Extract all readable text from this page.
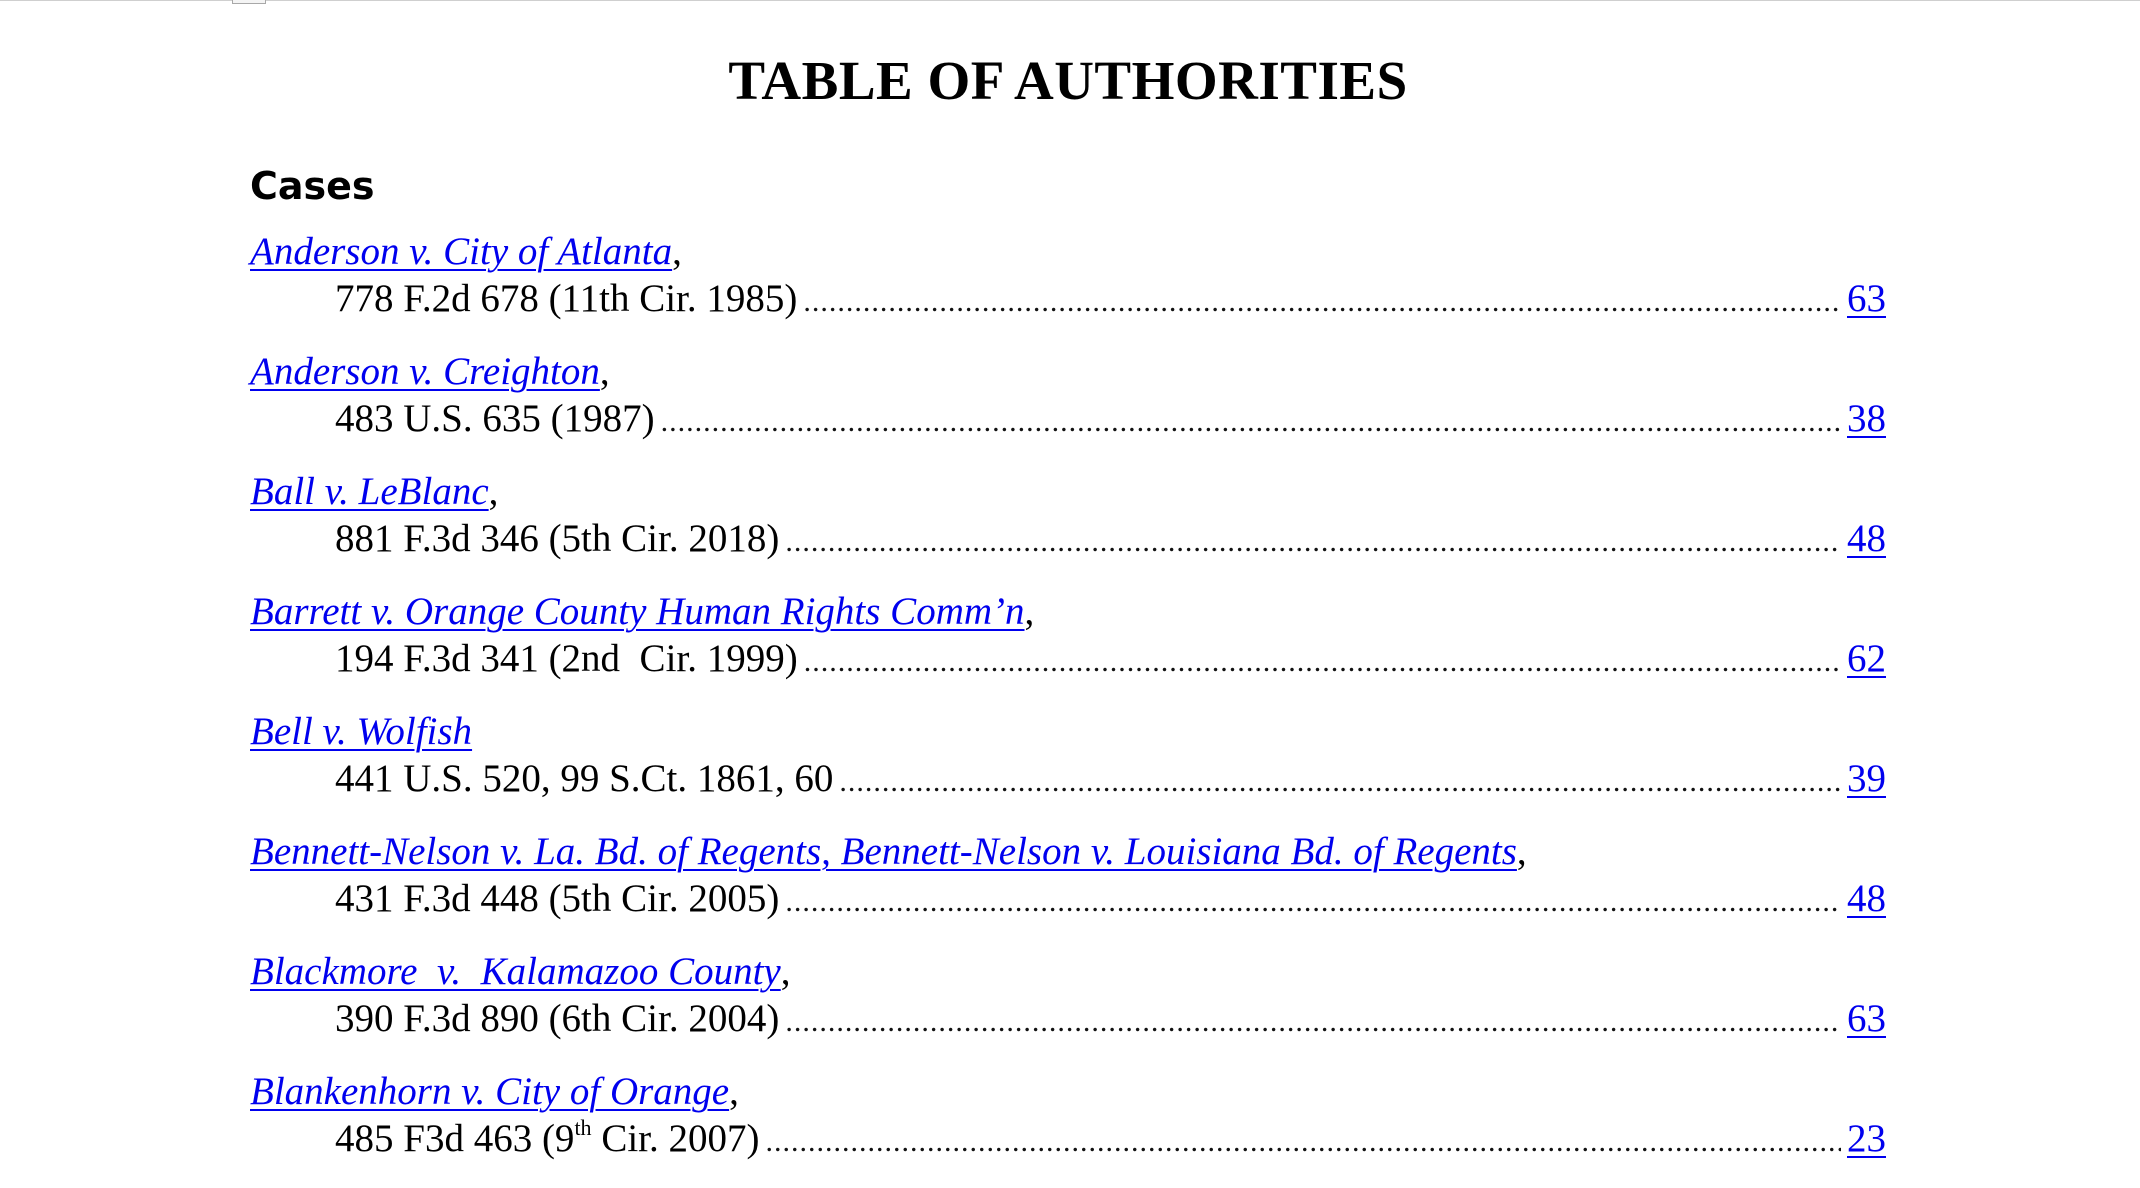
TABLE OF AUTHORITIES
Cases
Anderson v. City of Atlanta,
778 F.2d 678 (11th Cir. 1985) .....	63
Anderson v. Creighton,
483 U.S. 635 (1987) .....	38
Ball v. LeBlanc,
881 F.3d 346 (5th Cir. 2018) .....	48
Barrett v. Orange County Human Rights Comm’n,
194 F.3d 341 (2nd  Cir. 1999) .....	62
Bell v. Wolfish
441 U.S. 520, 99 S.Ct. 1861, 60 .....	39
Bennett-Nelson v. La. Bd. of Regents, Bennett-Nelson v. Louisiana Bd. of Regents,
431 F.3d 448 (5th Cir. 2005) .....	48
Blackmore  v.  Kalamazoo County,
390 F.3d 890 (6th Cir. 2004) .....	63
Blankenhorn v. City of Orange,
485 F3d 463 (9th Cir. 2007) .....	23
